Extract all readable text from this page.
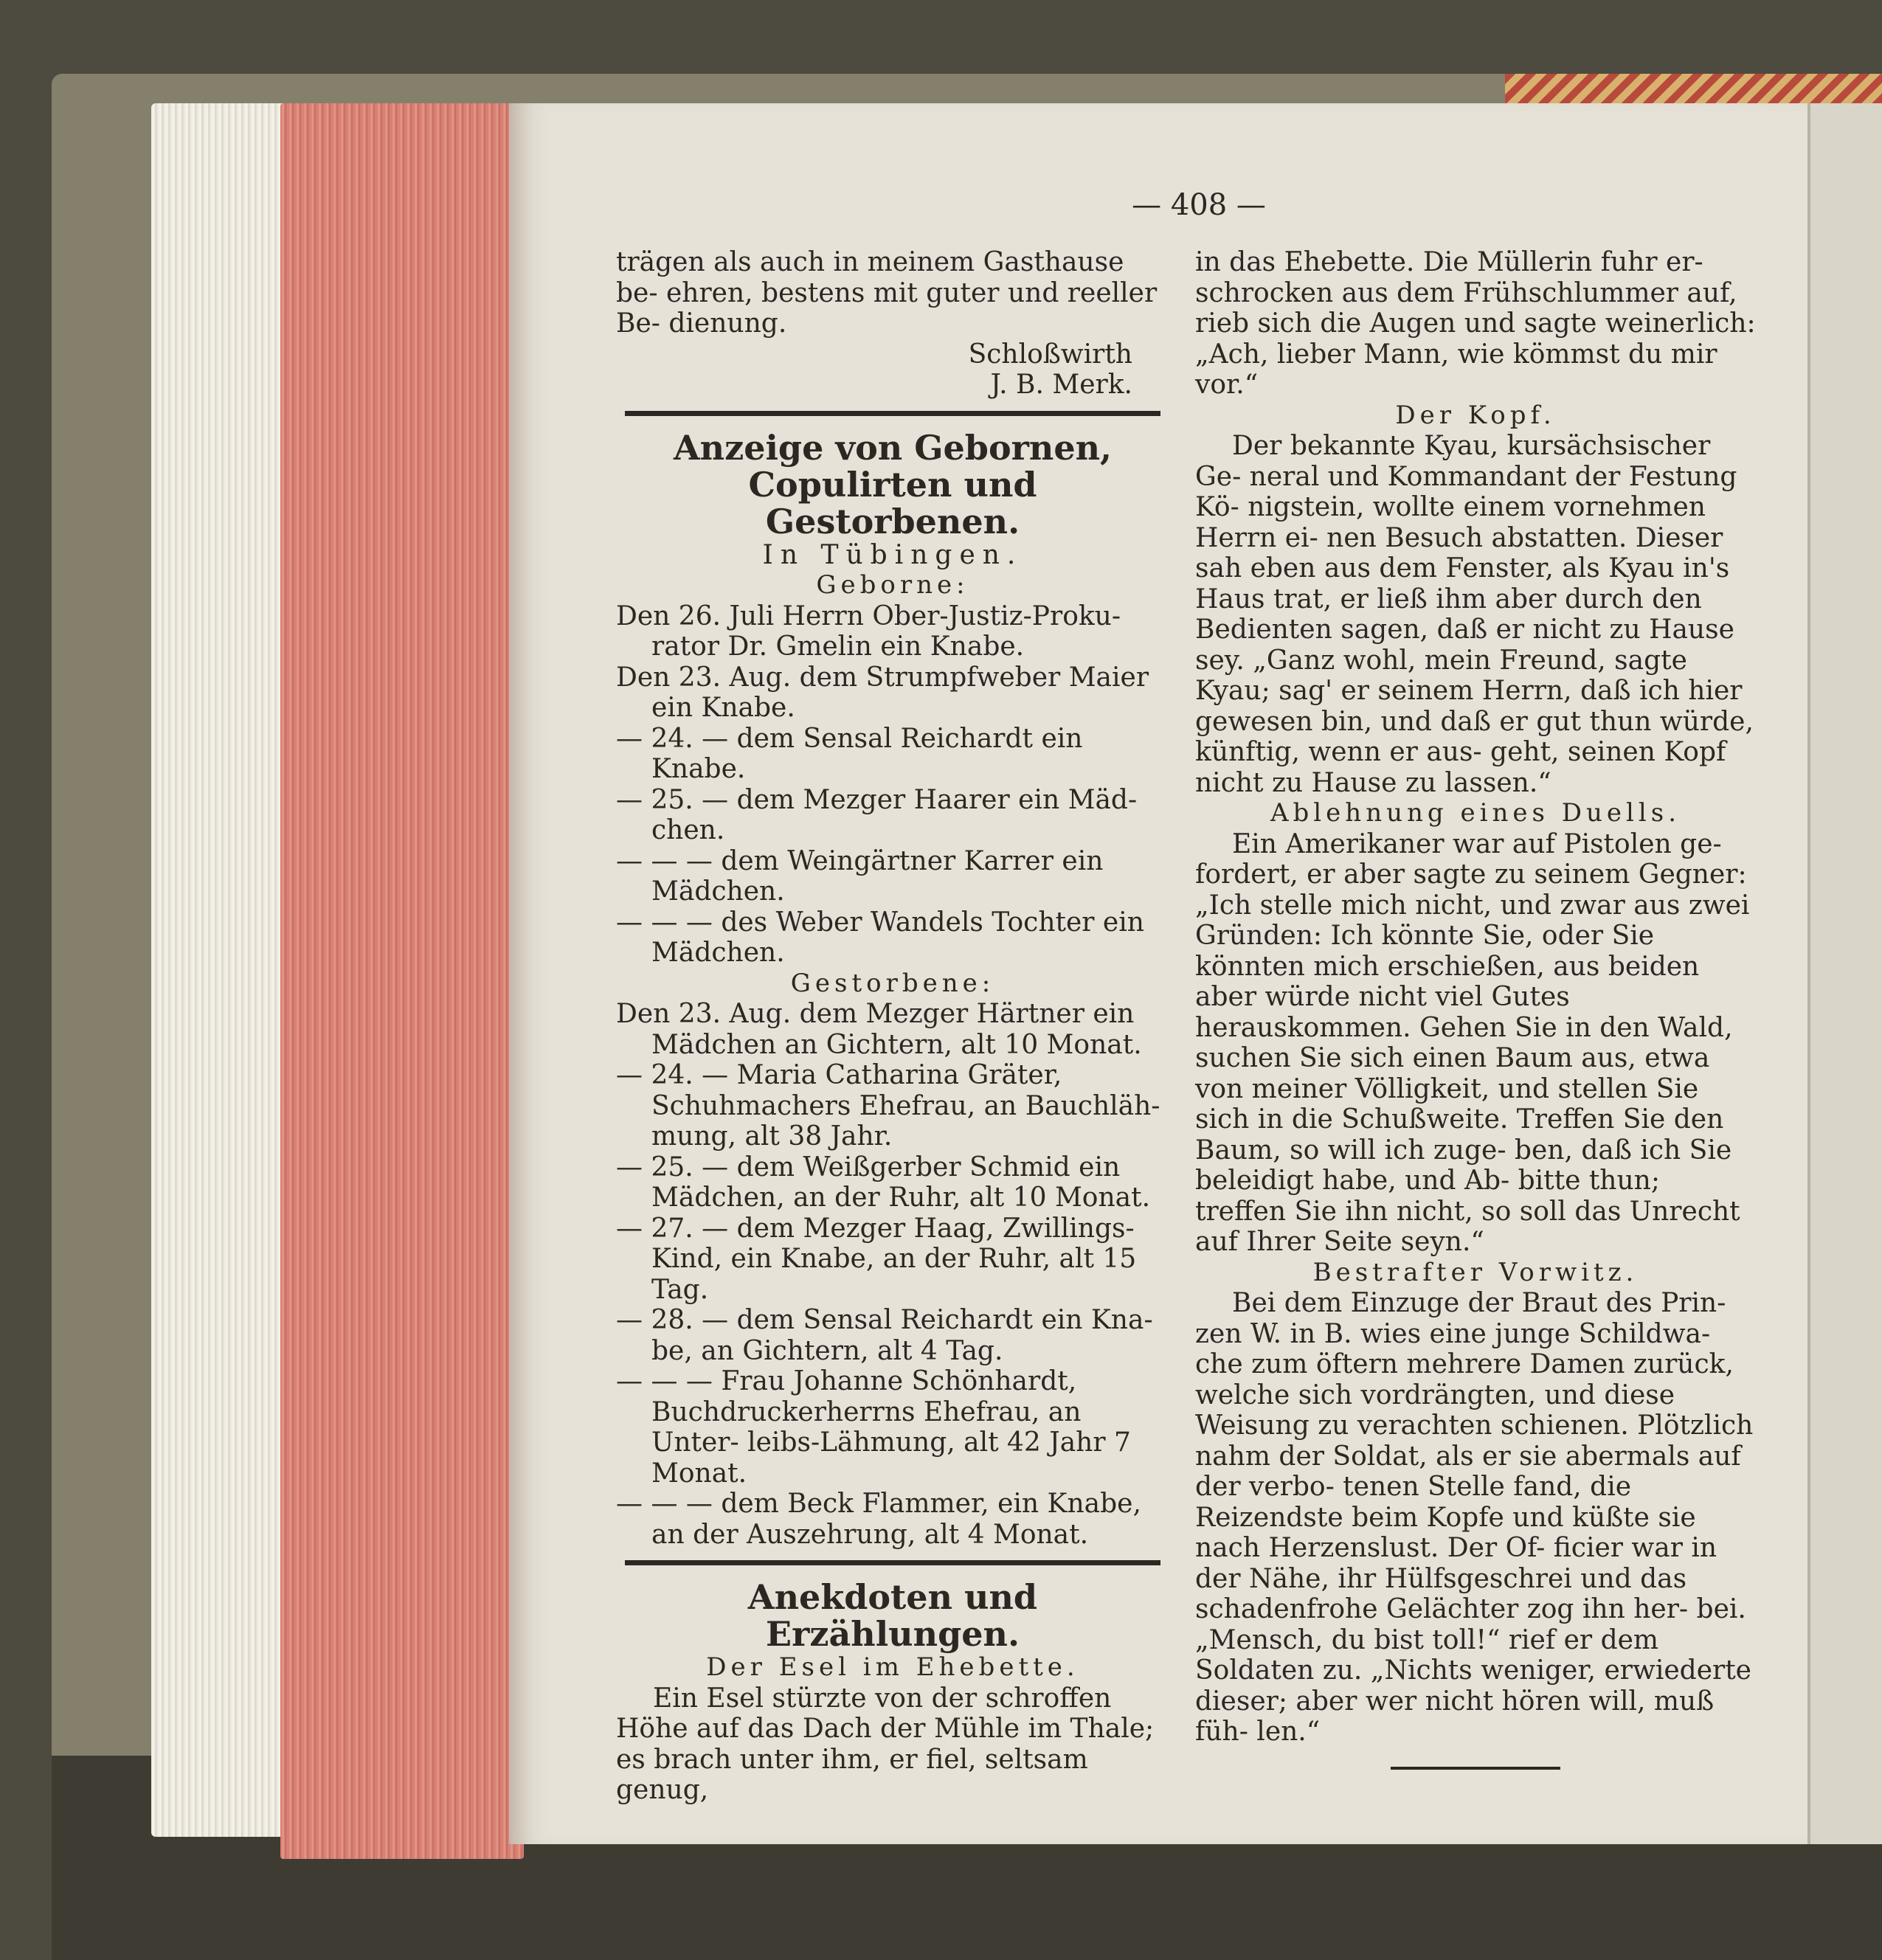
— 408 —

trägen als auch in meinem Gasthause be- ehren, bestens mit guter und reeller Be- dienung.

Schloßwirth

J. B. Merk.

Anzeige von Gebornen, Copulirten und Gestorbenen.

In Tübingen.

Geborne:

Den 26. Juli Herrn Ober-Justiz-Proku- rator Dr. Gmelin ein Knabe.

Den 23. Aug. dem Strumpfweber Maier ein Knabe.

— 24. — dem Sensal Reichardt ein Knabe.

— 25. — dem Mezger Haarer ein Mäd- chen.

— — — dem Weingärtner Karrer ein Mädchen.

— — — des Weber Wandels Tochter ein Mädchen.

Gestorbene:

Den 23. Aug. dem Mezger Härtner ein Mädchen an Gichtern, alt 10 Monat.

— 24. — Maria Catharina Gräter, Schuhmachers Ehefrau, an Bauchläh- mung, alt 38 Jahr.

— 25. — dem Weißgerber Schmid ein Mädchen, an der Ruhr, alt 10 Monat.

— 27. — dem Mezger Haag, Zwillings- Kind, ein Knabe, an der Ruhr, alt 15 Tag.

— 28. — dem Sensal Reichardt ein Kna- be, an Gichtern, alt 4 Tag.

— — — Frau Johanne Schönhardt, Buchdruckerherrns Ehefrau, an Unter- leibs-Lähmung, alt 42 Jahr 7 Monat.

— — — dem Beck Flammer, ein Knabe, an der Auszehrung, alt 4 Monat.

Anekdoten und Erzählungen.

Der Esel im Ehebette.

Ein Esel stürzte von der schroffen Höhe auf das Dach der Mühle im Thale; es brach unter ihm, er fiel, seltsam genug,

in das Ehebette. Die Müllerin fuhr er- schrocken aus dem Frühschlummer auf, rieb sich die Augen und sagte weinerlich: „Ach, lieber Mann, wie kömmst du mir vor.“

Der Kopf.

Der bekannte Kyau, kursächsischer Ge- neral und Kommandant der Festung Kö- nigstein, wollte einem vornehmen Herrn ei- nen Besuch abstatten. Dieser sah eben aus dem Fenster, als Kyau in's Haus trat, er ließ ihm aber durch den Bedienten sagen, daß er nicht zu Hause sey. „Ganz wohl, mein Freund, sagte Kyau; sag' er seinem Herrn, daß ich hier gewesen bin, und daß er gut thun würde, künftig, wenn er aus- geht, seinen Kopf nicht zu Hause zu lassen.“

Ablehnung eines Duells.

Ein Amerikaner war auf Pistolen ge- fordert, er aber sagte zu seinem Gegner: „Ich stelle mich nicht, und zwar aus zwei Gründen: Ich könnte Sie, oder Sie könnten mich erschießen, aus beiden aber würde nicht viel Gutes herauskommen. Gehen Sie in den Wald, suchen Sie sich einen Baum aus, etwa von meiner Völligkeit, und stellen Sie sich in die Schußweite. Treffen Sie den Baum, so will ich zuge- ben, daß ich Sie beleidigt habe, und Ab- bitte thun; treffen Sie ihn nicht, so soll das Unrecht auf Ihrer Seite seyn.“

Bestrafter Vorwitz.

Bei dem Einzuge der Braut des Prin- zen W. in B. wies eine junge Schildwa- che zum öftern mehrere Damen zurück, welche sich vordrängten, und diese Weisung zu verachten schienen. Plötzlich nahm der Soldat, als er sie abermals auf der verbo- tenen Stelle fand, die Reizendste beim Kopfe und küßte sie nach Herzenslust. Der Of- ficier war in der Nähe, ihr Hülfsgeschrei und das schadenfrohe Gelächter zog ihn her- bei. „Mensch, du bist toll!“ rief er dem Soldaten zu. „Nichts weniger, erwiederte dieser; aber wer nicht hören will, muß füh- len.“
